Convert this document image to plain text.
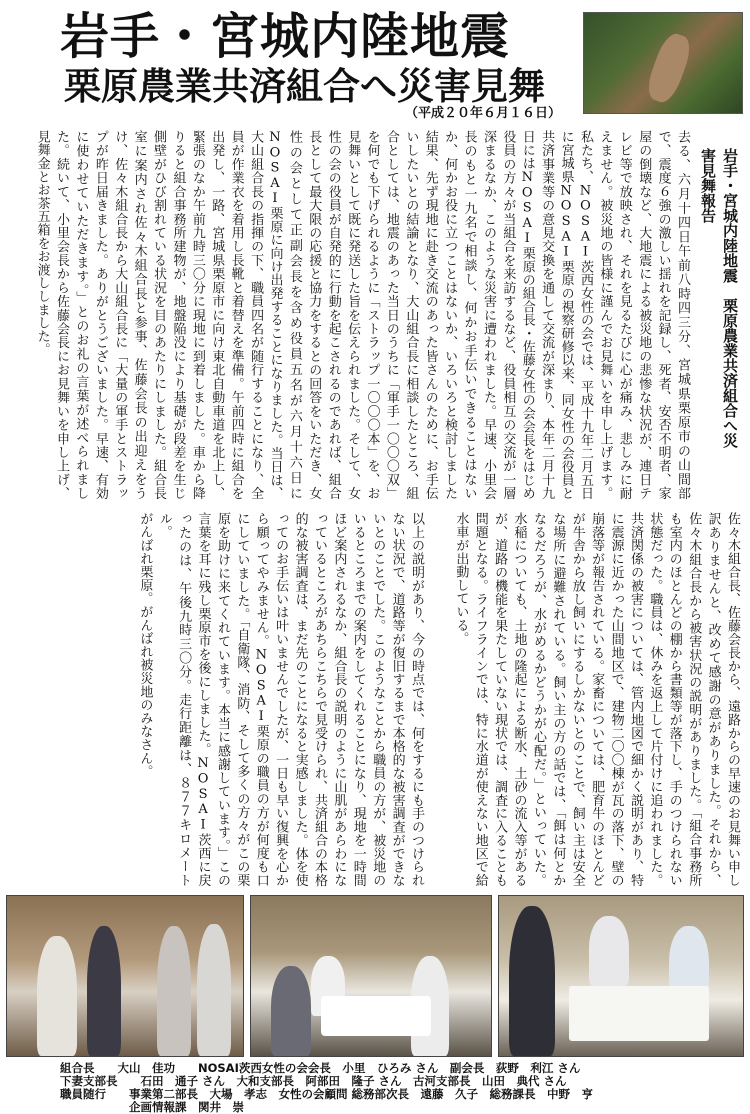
岩手・宮城内陸地震
栗原農業共済組合へ災害見舞
（平成２０年６月１６日）

岩手・宮城内陸地震　栗原農業共済組合へ災害見舞報告

去る、六月十四日午前八時四三分、宮城県栗原市の山間部で、震度６強の激しい揺れを記録し、死者、安否不明者、家屋の倒壊など、大地震による被災地の悲惨な状況が、連日テレビ等で放映され、それを見るたびに心が痛み、悲しみに耐えません。被災地の皆様に謹んでお見舞いを申し上げます。私たち、NOSAI茨西女性の会では、平成十九年二月五日に宮城県NOSAI栗原の視察研修以来、同女性の会役員と共済事業等の意見交換を通して交流が深まり、本年二月十九日にはNOSAI栗原の組合長・佐藤女性の会会長をはじめ役員の方々が当組合を来訪するなど、役員相互の交流が一層深まるなか、このような災害に遭われました。早速、小里会長のもと一九名で相談し、何かお手伝いできることはないか、何かお役に立つことはないか、いろいろと検討しました結果、先ず現地に赴き交流のあった皆さんのために、お手伝いしたいとの結論となり、大山組合長に相談したところ、組合としては、地震のあった当日のうちに「軍手一〇〇〇双」を何でも下げられるように「ストラップ一〇〇〇本」を、お見舞いとして既に発送した旨を伝えられました。そして、女性の会の役員が自発的に行動を起こされるのであれば、組合長として最大限の応援と協力をするとの回答をいただき、女性の会として正副会長を含め役員五名が六月十六日にNOSAI栗原に向け出発することになりました。当日は、大山組合長の指揮の下、職員四名が随行することになり、全員が作業衣を着用し長靴と着替えを準備。午前四時に組合を出発し、一路、宮城県栗原市に向け東北自動車道を北上し、緊張のなか午前九時三〇分に現地に到着しました。車から降りると組合事務所建物が、地盤陥没により基礎が段差を生じ側壁がひび割れている状況を目のあたりにしました。組合長室に案内され佐々木組合長と参事、佐藤会長の出迎えをうけ、佐々木組合長から大山組合長に「大量の軍手とストラップが昨日届きました。ありがとうございました。早速、有効に使わせていただきます。」とのお礼の言葉が述べられました。続いて、小里会長から佐藤会長にお見舞いを申し上げ、見舞金とお茶五箱をお渡ししました。

佐々木組合長、佐藤会長から、遠路からの早速のお見舞い申し訳ありませんと、改めて感謝の意がありました。それから、佐々木組合長から被害状況の説明がありました。「組合事務所も室内のほとんどの棚から書類等が落下し、手のつけられない状態だった。職員は、休みを返上して片付けに追われました。共済関係の被害については、管内地図で細かく説明があり、特に震源に近かった山間地区で、建物二〇〇棟が瓦の落下、壁の崩落等が報告されている。家畜については、肥育牛のほとんどが牛舎から放し飼いにするしかないとのことで、飼い主は安全な場所に避難されている。飼い主の方の話では、「餌は何とかなるだろうが、水がめるかどうかが心配だ。」といっていた。水稲についても、土地の隆起による断水、土砂の流入等があるが、道路の機能を果たしていない現状では、調査に入ることも問題となる。ライフラインでは、特に水道が使えない地区で給水車が出動している。

以上の説明があり、今の時点では、何をするにも手のつけられない状況で、道路等が復旧するまで本格的な被害調査ができないとのことでした。このようなことから職員の方が、被災地のいるところまでの案内をしてくれることになり、現地を一時間ほど案内されるなか、組合長の説明のように山肌があらわになっているところがあちらこちらで見受けられ、共済組合の本格的な被害調査は、まだ先のことになると実感しました。体を使ってのお手伝いは叶いませんでしたが、一日も早い復興を心から願ってやみません。NOSAI栗原の職員の方が何度も口にしていました。「自衛隊、消防、そして多くの方々がこの栗原を助けに来てくれています。本当に感謝しています。」この言葉を耳に残し栗原市を後にしました。NOSAI茨西に戻ったのは、午後九時三〇分。走行距離は、８７７キロメートル。
がんばれ栗原。がんばれ被災地のみなさん。
組合長　　大山　佳功　　NOSAI茨西女性の会会長　小里　ひろみ さん　副会長　荻野　利江 さん
下妻支部長　　石田　通子 さん　大和支部長　阿部田　隆子 さん　古河支部長　山田　典代 さん
職員随行　　事業第二部長　大場　孝志　女性の会顧問 総務部次長　遠藤　久子　総務課長　中野　亨
　　　　　　企画情報課　関井　崇
